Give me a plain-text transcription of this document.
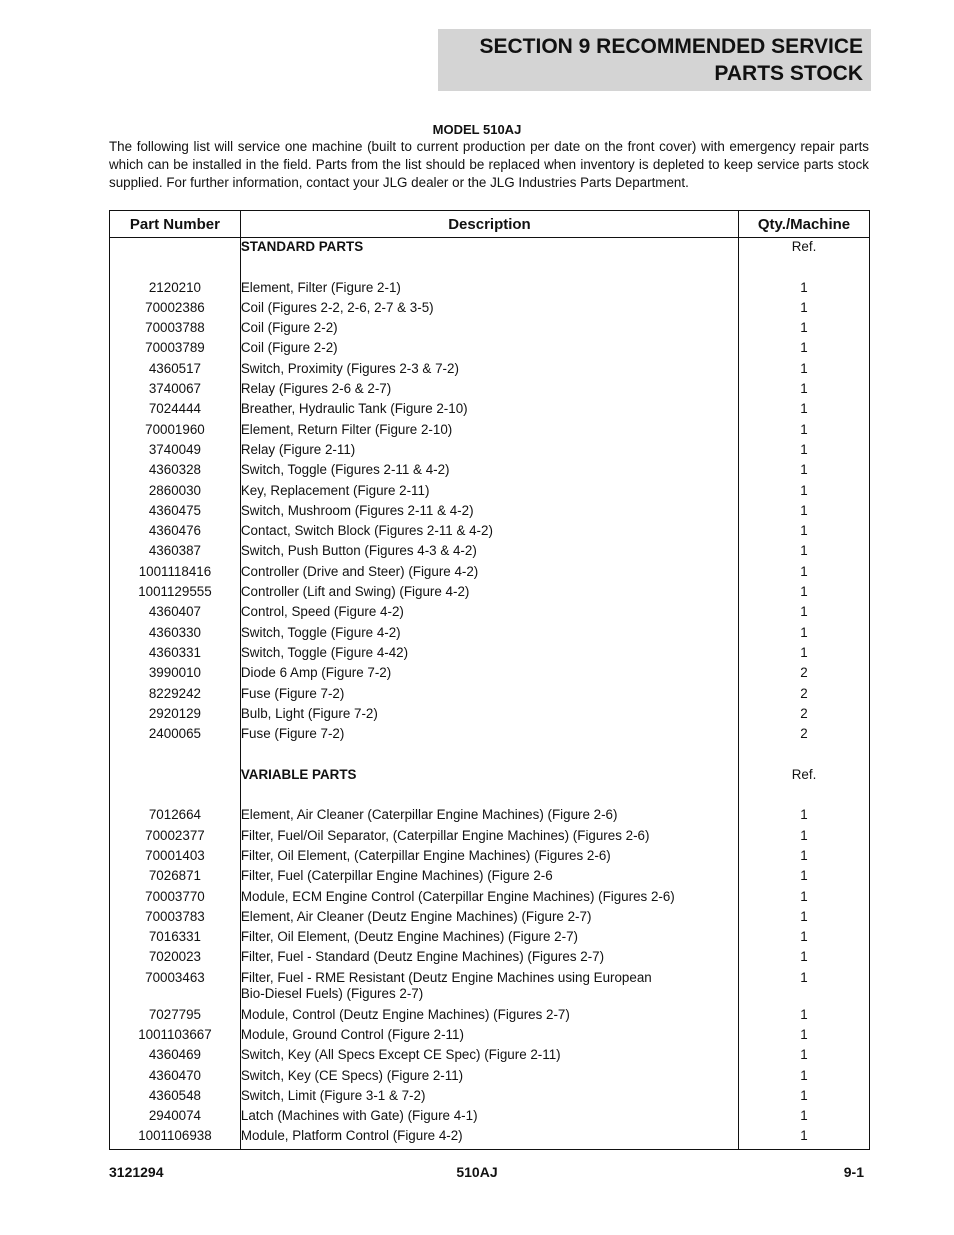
SECTION 9 RECOMMENDED SERVICE
PARTS STOCK
MODEL 510AJ
The following list will service one machine (built to current production per date on the front cover) with emergency repair parts which can be installed in the field. Parts from the list should be replaced when inventory is depleted to keep service parts stock supplied. For further information, contact your JLG dealer or the JLG Industries Parts Department.
Part Number	Description	Qty./Machine
	STANDARD PARTS	Ref.

2120210	Element, Filter (Figure 2-1)	1
70002386	Coil (Figures 2-2, 2-6, 2-7 & 3-5)	1
70003788	Coil (Figure 2-2)	1
70003789	Coil (Figure 2-2)	1
4360517	Switch, Proximity (Figures 2-3 & 7-2)	1
3740067	Relay (Figures 2-6 & 2-7)	1
7024444	Breather, Hydraulic Tank (Figure 2-10)	1
70001960	Element, Return Filter (Figure 2-10)	1
3740049	Relay (Figure 2-11)	1
4360328	Switch, Toggle (Figures 2-11 & 4-2)	1
2860030	Key, Replacement (Figure 2-11)	1
4360475	Switch, Mushroom (Figures 2-11 & 4-2)	1
4360476	Contact, Switch Block (Figures 2-11 & 4-2)	1
4360387	Switch, Push Button (Figures 4-3 & 4-2)	1
1001118416	Controller (Drive and Steer) (Figure 4-2)	1
1001129555	Controller (Lift and Swing) (Figure 4-2)	1
4360407	Control, Speed (Figure 4-2)	1
4360330	Switch, Toggle (Figure 4-2)	1
4360331	Switch, Toggle (Figure 4-42)	1
3990010	Diode 6 Amp (Figure 7-2)	2
8229242	Fuse (Figure 7-2)	2
2920129	Bulb, Light (Figure 7-2)	2
2400065	Fuse (Figure 7-2)	2

	VARIABLE PARTS	Ref.

7012664	Element, Air Cleaner (Caterpillar Engine Machines) (Figure 2-6)	1
70002377	Filter, Fuel/Oil Separator, (Caterpillar Engine Machines) (Figures 2-6)	1
70001403	Filter, Oil Element, (Caterpillar Engine Machines) (Figures 2-6)	1
7026871	Filter, Fuel (Caterpillar Engine Machines) (Figure 2-6	1
70003770	Module, ECM Engine Control (Caterpillar Engine Machines) (Figures 2-6)	1
70003783	Element, Air Cleaner (Deutz Engine Machines) (Figure 2-7)	1
7016331	Filter, Oil Element, (Deutz Engine Machines) (Figure 2-7)	1
7020023	Filter, Fuel - Standard (Deutz Engine Machines) (Figures 2-7)	1
70003463	Filter, Fuel - RME Resistant (Deutz Engine Machines using European
Bio-Diesel Fuels) (Figures 2-7)	1
7027795	Module, Control (Deutz Engine Machines) (Figures 2-7)	1
1001103667	Module, Ground Control (Figure 2-11)	1
4360469	Switch, Key (All Specs Except CE Spec) (Figure 2-11)	1
4360470	Switch, Key (CE Specs) (Figure 2-11)	1
4360548	Switch, Limit (Figure 3-1 & 7-2)	1
2940074	Latch (Machines with Gate) (Figure 4-1)	1
1001106938	Module, Platform Control (Figure 4-2)	1
3121294	510AJ	9-1
